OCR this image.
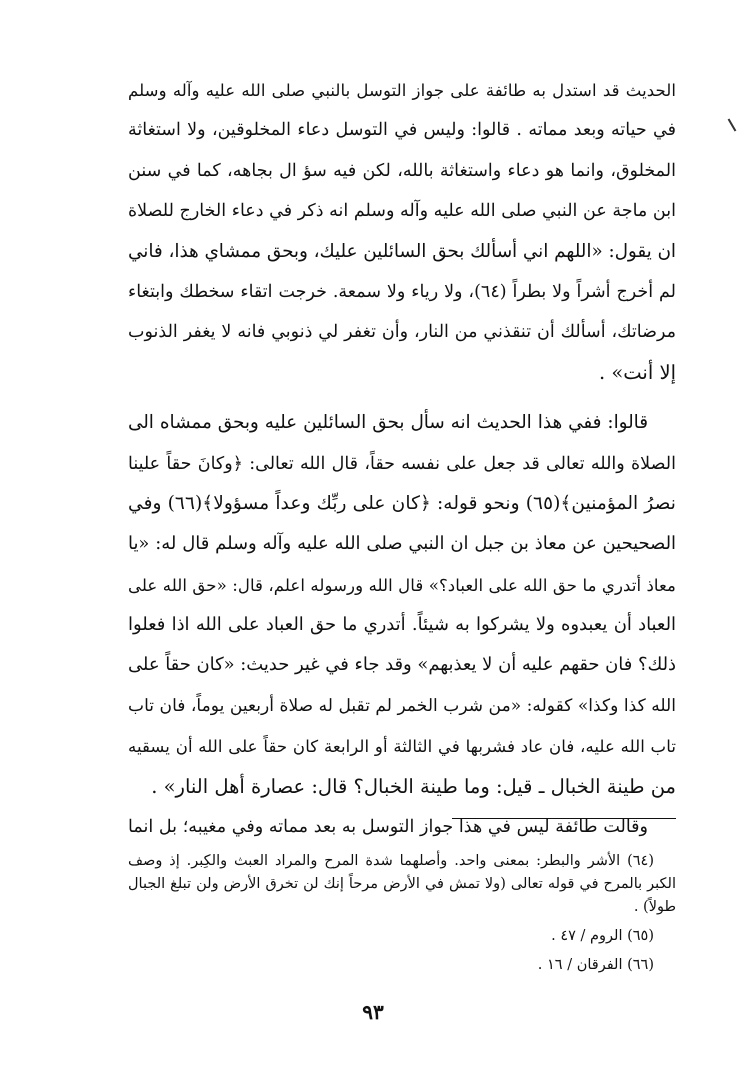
الحديث قد استدل به طائفة على جواز التوسل بالنبي صلى الله عليه وآله وسلم
في حياته وبعد مماته . قالوا: وليس في التوسل دعاء المخلوقين، ولا استغاثة
المخلوق، وانما هو دعاء واستغاثة بالله، لكن فيه سؤ ال بجاهه، كما في سنن
ابن ماجة عن النبي صلى الله عليه وآله وسلم انه ذكر في دعاء الخارج للصلاة
ان يقول: «اللهم اني أسألك بحق السائلين عليك، وبحق ممشاي هذا، فاني
لم أخرج أشراً ولا بطراً (٦٤)، ولا رياء ولا سمعة. خرجت اتقاء سخطك وابتغاء
مرضاتك، أسألك أن تنقذني من النار، وأن تغفر لي ذنوبي فانه لا يغفر الذنوب
إلا أنت» .
قالوا: ففي هذا الحديث انه سأل بحق السائلين عليه وبحق ممشاه الى
الصلاة والله تعالى قد جعل على نفسه حقاً، قال الله تعالى: ﴿وكانَ حقاً علينا
نصرُ المؤمنين﴾(٦٥) ونحو قوله: ﴿كان على ربِّك وعداً مسؤولا﴾(٦٦) وفي
الصحيحين عن معاذ بن جبل ان النبي صلى الله عليه وآله وسلم قال له: «يا
معاذ أتدري ما حق الله على العباد؟» قال الله ورسوله اعلم، قال: «حق الله على
العباد أن يعبدوه ولا يشركوا به شيئاً. أتدري ما حق العباد على الله اذا فعلوا
ذلك؟ فان حقهم عليه أن لا يعذبهم» وقد جاء في غير حديث: «كان حقاً على
الله كذا وكذا» كقوله: «من شرب الخمر لم تقبل له صلاة أربعين يوماً، فان تاب
تاب الله عليه، فان عاد فشربها في الثالثة أو الرابعة كان حقاً على الله أن يسقيه
من طينة الخبال ـ قيل: وما طينة الخبال؟ قال: عصارة أهل النار» .
وقالت طائفة ليس في هذا جواز التوسل به بعد مماته وفي مغيبه؛ بل انما
(٦٤) الأشر والبطر: بمعنى واحد. وأصلهما شدة المرح والمراد العبث والكِبر. إذ وصف
الكبر بالمرح في قوله تعالى (ولا تمش في الأرض مرحاً إنك لن تخرق الأرض ولن تبلغ الجبال
طولاً) .
(٦٥) الروم / ٤٧ .
(٦٦) الفرقان / ١٦ .
٩٣
